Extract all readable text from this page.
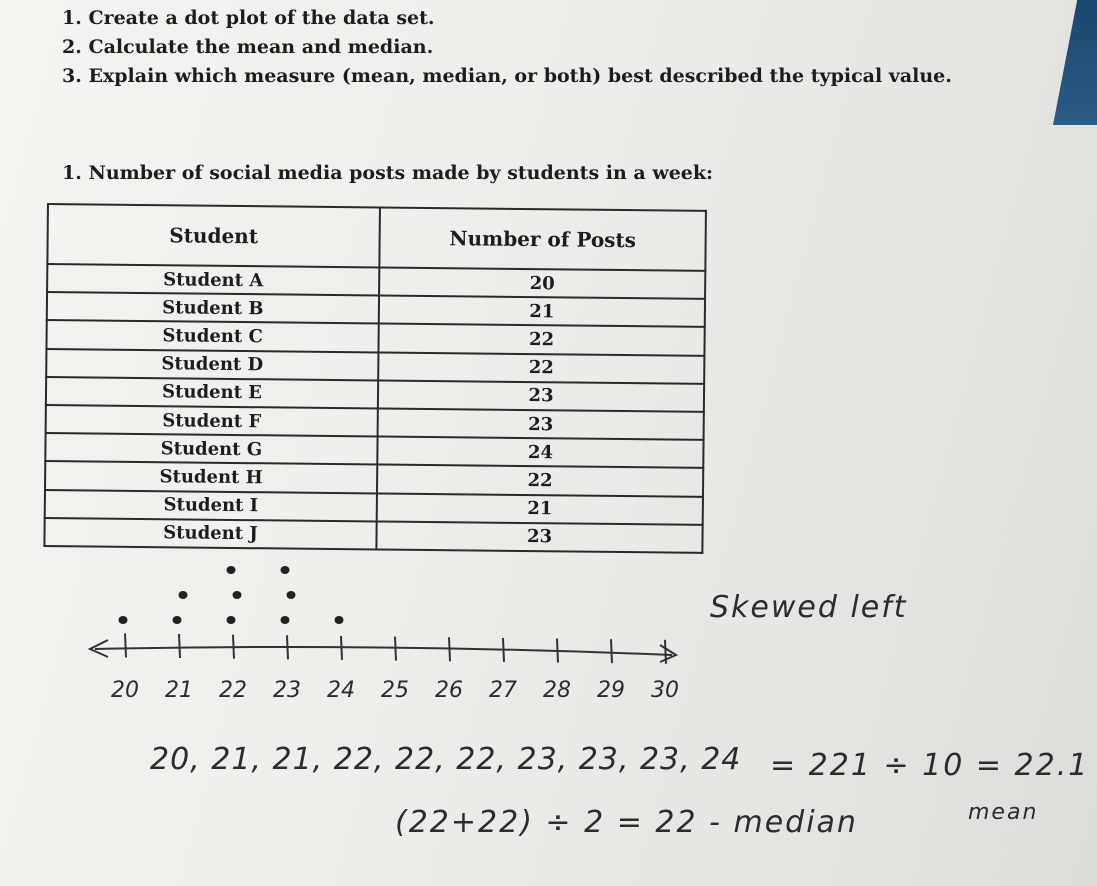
1. Create a dot plot of the data set.
2. Calculate the mean and median.
3. Explain which measure (mean, median, or both) best described the typical value.
1. Number of social media posts made by students in a week:
Student	Number of Posts
Student A	20
Student B	21
Student C	22
Student D	22
Student E	23
Student F	23
Student G	24
Student H	22
Student I	21
Student J	23
20 21 22 23 24 25 26 27 28 29 30
Skewed left
20, 21, 21, 22, 22, 22, 23, 23, 23, 24 = 221 ÷ 10 = 22.1
mean
(22+22) ÷ 2 = 22 - median
